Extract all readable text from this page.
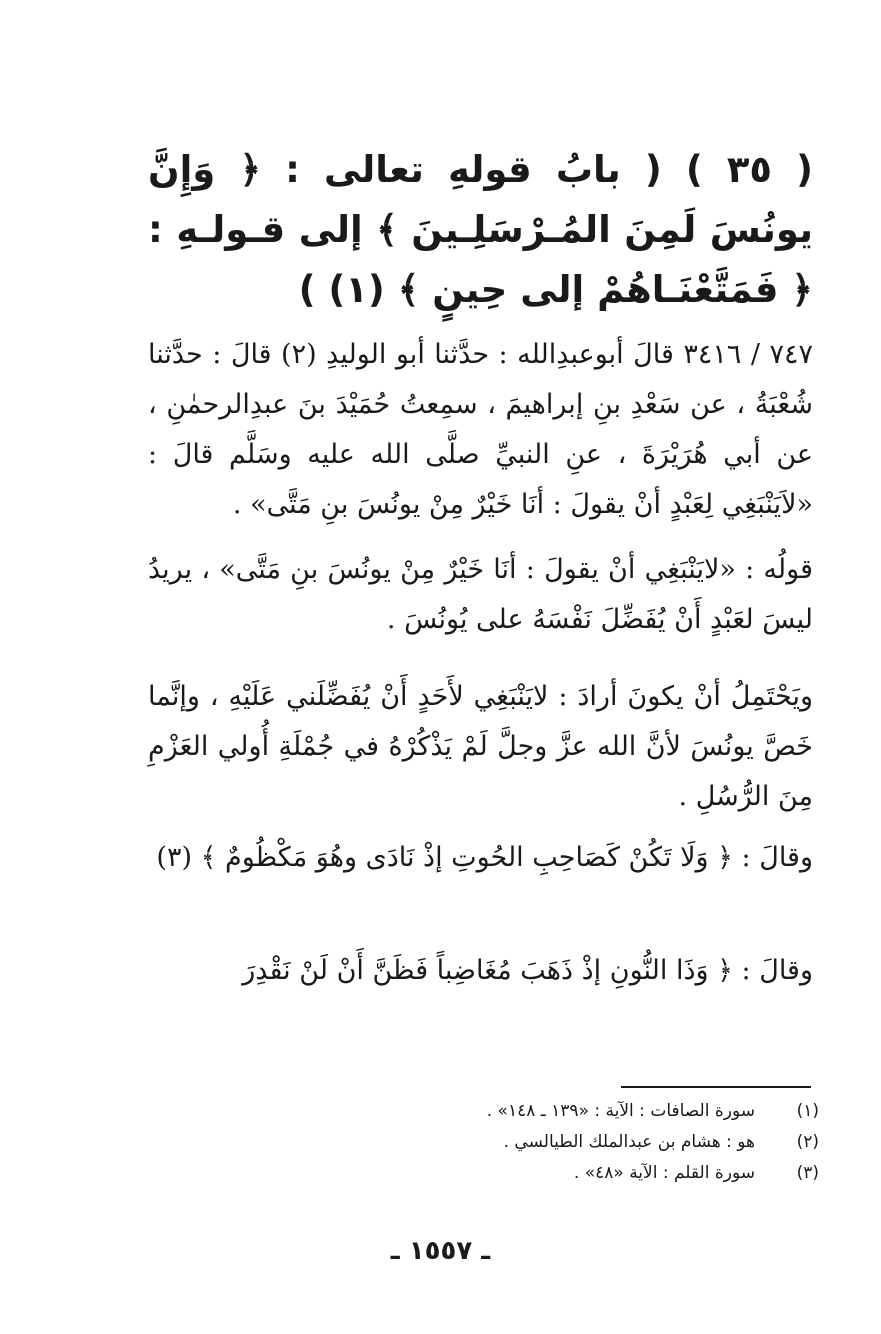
( ٣٥ ) ( بابُ قولهِ تعالى : ﴿ وَإِنَّ يونُسَ لَمِنَ المُـرْسَلِـينَ ﴾ إلى قـولـهِ : ﴿ فَمَتَّعْنَـاهُمْ إلى حِينٍ ﴾ (١) )
٧٤٧ / ٣٤١٦ قالَ أبوعبدِالله : حدَّثنا أبو الوليدِ (٢) قالَ : حدَّثنا شُعْبَةُ ، عن سَعْدِ بنِ إبراهيمَ ، سمِعتُ حُمَيْدَ بنَ عبدِالرحمٰنِ ، عن أبي هُرَيْرَةَ ، عنِ النبيِّ صلَّى الله عليه وسَلَّم قالَ : «لاَيَنْبَغِي لِعَبْدٍ أنْ يقولَ : أنَا خَيْرٌ مِنْ يونُسَ بنِ مَتَّى» .
قولُه : «لايَنْبَغِي أنْ يقولَ : أنَا خَيْرٌ مِنْ يونُسَ بنِ مَتَّى» ، يريدُ ليسَ لعَبْدٍ أَنْ يُفَضِّلَ نَفْسَهُ على يُونُسَ .
ويَحْتَمِلُ أنْ يكونَ أرادَ : لايَنْبَغِي لأَحَدٍ أَنْ يُفَضِّلَني عَلَيْهِ ، وإنَّما خَصَّ يونُسَ لأنَّ الله عزَّ وجلَّ لَمْ يَذْكُرْهُ في جُمْلَةِ أُولي العَزْمِ مِنَ الرُّسُلِ .
وقالَ : ﴿ وَلَا تَكُنْ كَصَاحِبِ الحُوتِ إذْ نَادَى وهُوَ مَكْظُومٌ ﴾ (٣)
وقالَ : ﴿ وَذَا النُّونِ إذْ ذَهَبَ مُغَاضِباً فَظَنَّ أَنْ لَنْ نَقْدِرَ
(١)سورة الصافات : الآية : «١٣٩ ـ ١٤٨» .
(٢)هو : هشام بن عبدالملك الطيالسي .
(٣)سورة القلم : الآية «٤٨» .
ـ ١٥٥٧ ـ
